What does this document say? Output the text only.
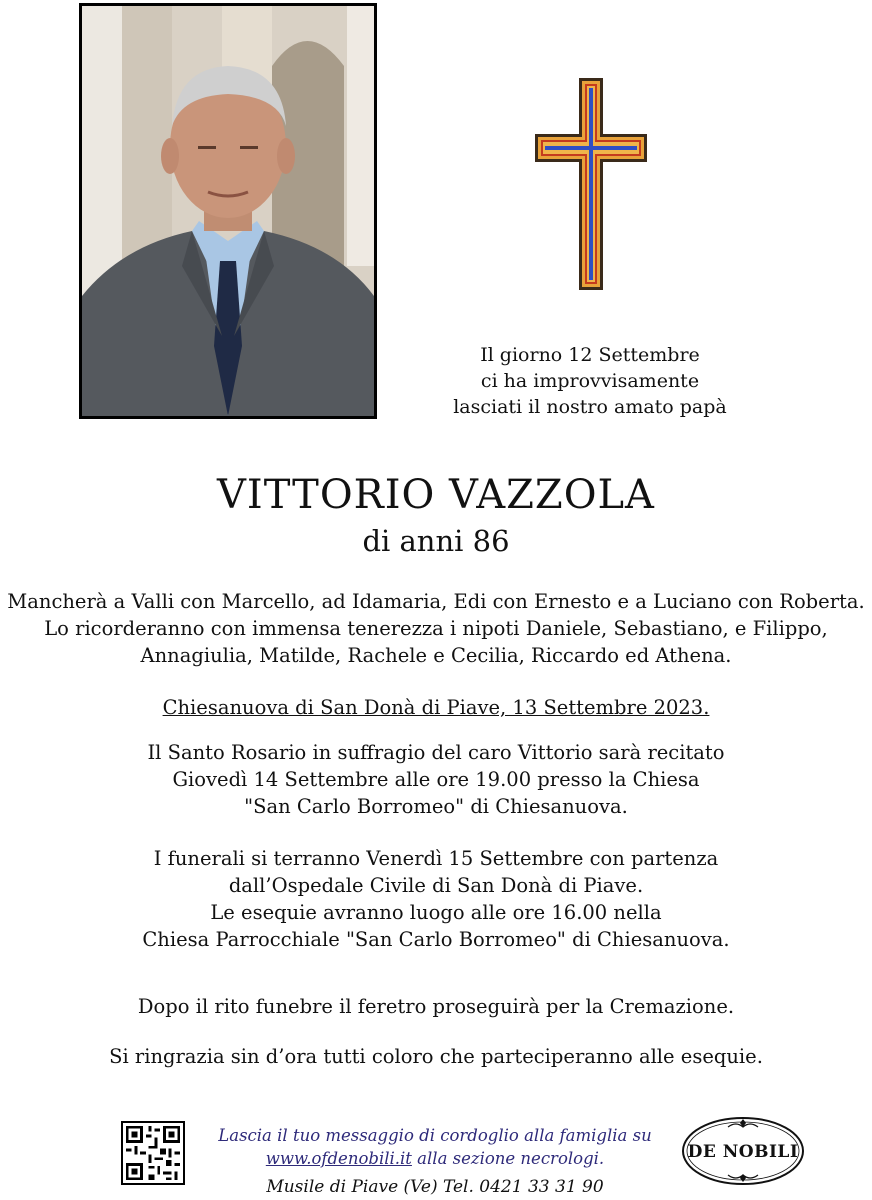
Il giorno 12 Settembre
ci ha improvvisamente
lasciati il nostro amato papà
VITTORIO VAZZOLA
di anni 86
Mancherà a Valli con Marcello, ad Idamaria, Edi con Ernesto e a Luciano con Roberta.
Lo ricorderanno con immensa tenerezza i nipoti Daniele, Sebastiano, e Filippo,
Annagiulia, Matilde, Rachele e Cecilia, Riccardo ed Athena.
Chiesanuova di San Donà di Piave, 13 Settembre 2023.
Il Santo Rosario in suffragio del caro Vittorio sarà recitato
Giovedì 14 Settembre alle ore 19.00 presso la Chiesa
"San Carlo Borromeo" di Chiesanuova.
I funerali si terranno Venerdì 15 Settembre con partenza
dall’Ospedale Civile di San Donà di Piave.
Le esequie avranno luogo alle ore 16.00 nella
Chiesa Parrocchiale "San Carlo Borromeo" di Chiesanuova.
Dopo il rito funebre il feretro proseguirà per la Cremazione.
Si ringrazia sin d’ora tutti coloro che parteciperanno alle esequie.
Lascia il tuo messaggio di cordoglio alla famiglia su
www.ofdenobili.it alla sezione necrologi.
Musile di Piave (Ve) Tel. 0421 33 31 90
DE NOBILI
